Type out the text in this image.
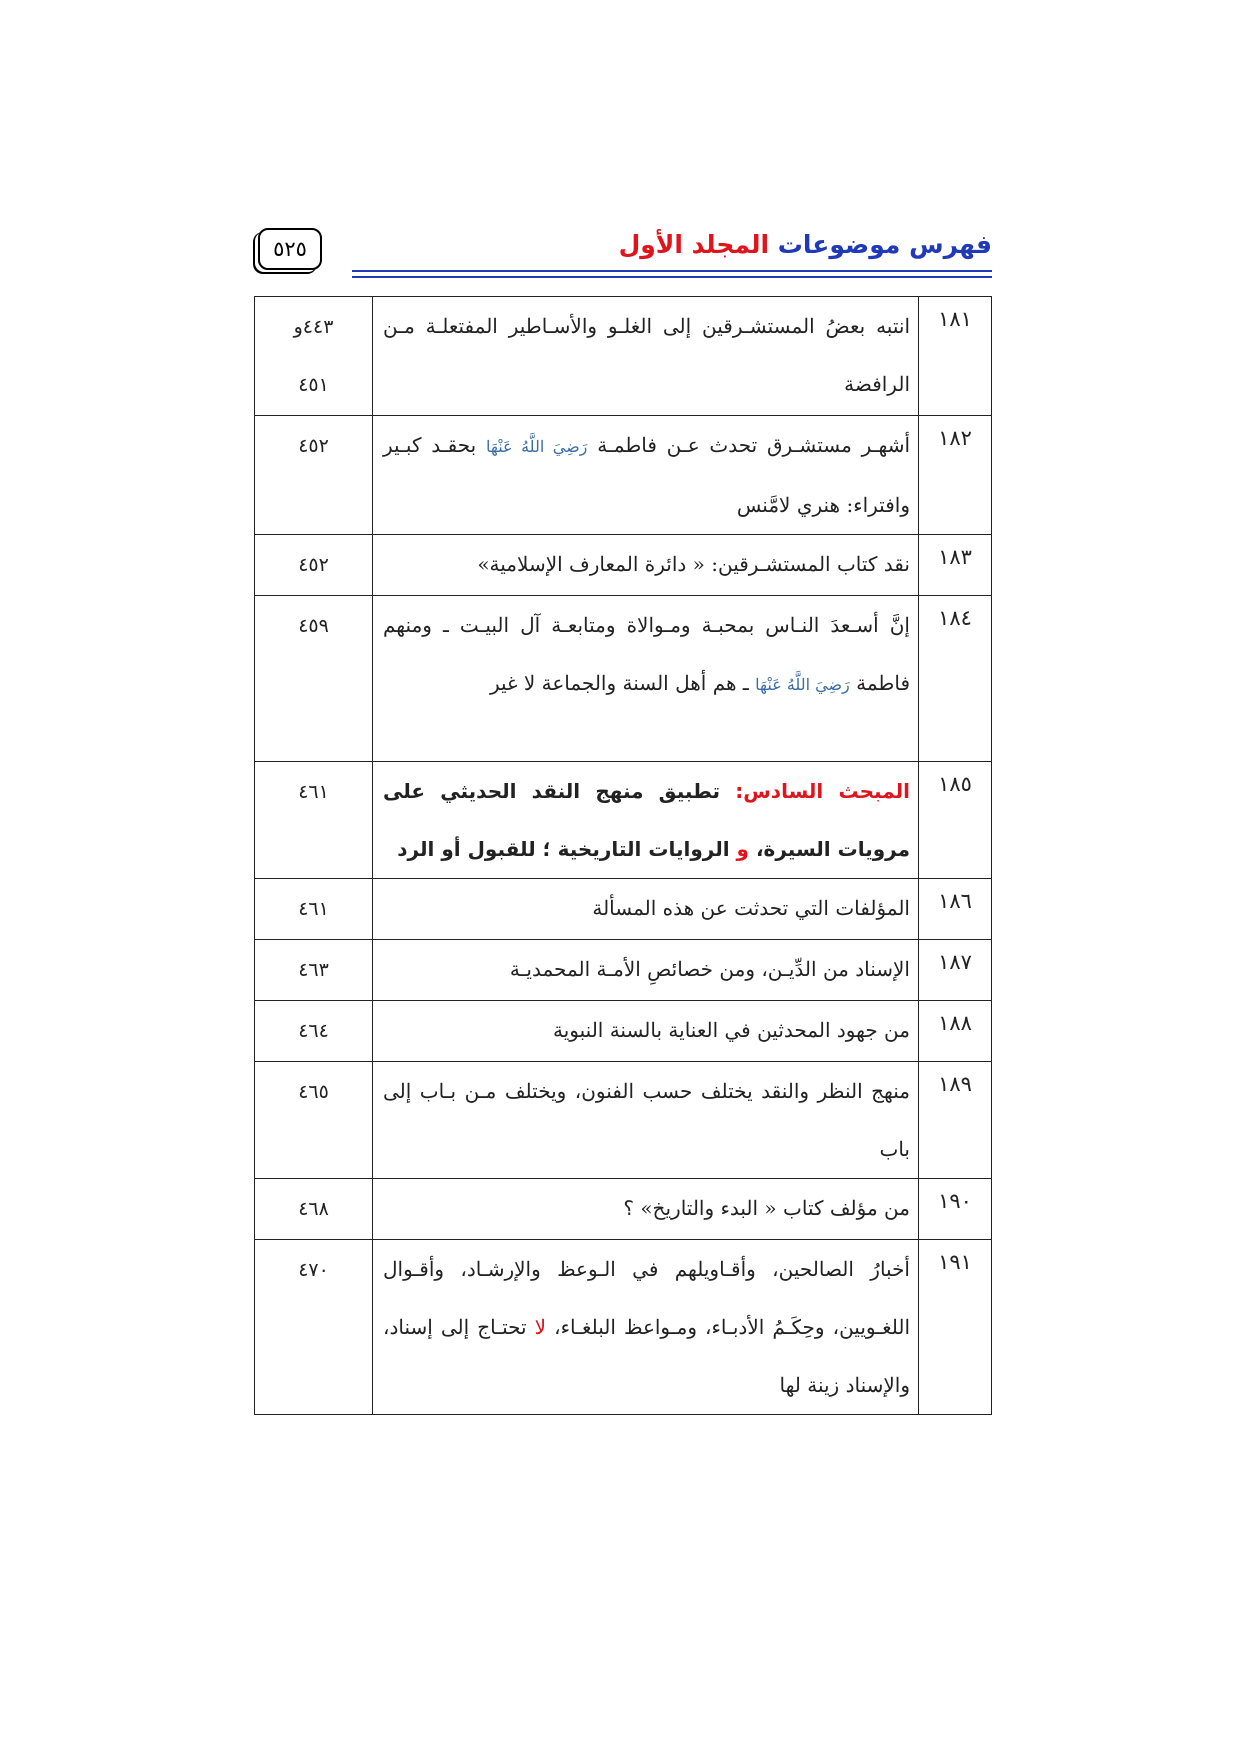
فهرس موضوعات المجلد الأول
٥٢٥
١٨١	انتبه بعضُ المستشـرقين إلى الغلـو والأسـاطير المفتعلـة مـن الرافضة	٤٤٣و
٤٥١

١٨٢	أشهـر مستشـرق تحدث عـن فاطمـة رَضِيَ اللَّهُ عَنْهَا بحقـد كبـير وافتراء: هنري لامَّنس	٤٥٢

١٨٣	نقد كتاب المستشـرقين: « دائرة المعارف الإسلامية»	٤٥٢

١٨٤	إنَّ أسـعدَ النـاس بمحبـة ومـوالاة ومتابعـة آل البيـت ـ ومنهم فاطمة رَضِيَ اللَّهُ عَنْهَا ـ هم أهل السنة والجماعة لا غير	٤٥٩

١٨٥	المبحث السادس: تطبيق منهج النقد الحديثي على مرويات السيرة، و الروايات التاريخية ؛ للقبول أو الرد	٤٦١

١٨٦	المؤلفات التي تحدثت عن هذه المسألة	٤٦١

١٨٧	الإسناد من الدِّيـن، ومن خصائصِ الأمـة المحمديـة	٤٦٣

١٨٨	من جهود المحدثين في العناية بالسنة النبوية	٤٦٤

١٨٩	منهج النظر والنقد يختلف حسب الفنون، ويختلف مـن بـاب إلى باب	٤٦٥

١٩٠	من مؤلف كتاب « البدء والتاريخ» ؟	٤٦٨

١٩١	أخبارُ الصالحين، وأقـاويلهم في الـوعظ والإرشـاد، وأقـوال اللغـويين، وحِكَـمُ الأدبـاء، ومـواعظ البلغـاء، لا تحتـاج إلى إسناد، والإسناد زينة لها	٤٧٠
